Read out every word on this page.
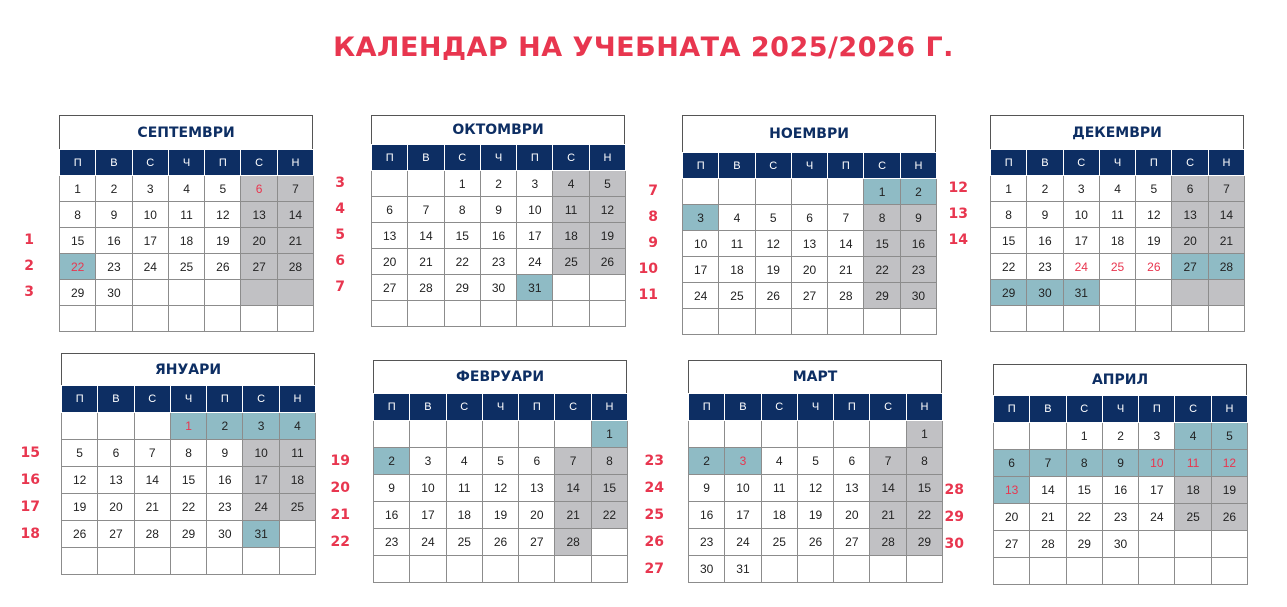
КАЛЕНДАР НА УЧЕБНАТА 2025/2026 Г.
СЕПТЕМВРИ
П	В	С	Ч	П	С	Н
1	2	3	4	5	6	7
8	9	10	11	12	13	14
15	16	17	18	19	20	21
22	23	24	25	26	27	28
29	30					

1
2
3
ОКТОМВРИ
П	В	С	Ч	П	С	Н
		1	2	3	4	5
6	7	8	9	10	11	12
13	14	15	16	17	18	19
20	21	22	23	24	25	26
27	28	29	30	31		

3
4
5
6
7
НОЕМВРИ
П	В	С	Ч	П	С	Н
					1	2
3	4	5	6	7	8	9
10	11	12	13	14	15	16
17	18	19	20	21	22	23
24	25	26	27	28	29	30

7
8
9
10
11
ДЕКЕМВРИ
П	В	С	Ч	П	С	Н
1	2	3	4	5	6	7
8	9	10	11	12	13	14
15	16	17	18	19	20	21
22	23	24	25	26	27	28
29	30	31				

12
13
14
ЯНУАРИ
П	В	С	Ч	П	С	Н
			1	2	3	4
5	6	7	8	9	10	11
12	13	14	15	16	17	18
19	20	21	22	23	24	25
26	27	28	29	30	31	

15
16
17
18
ФЕВРУАРИ
П	В	С	Ч	П	С	Н
						1
2	3	4	5	6	7	8
9	10	11	12	13	14	15
16	17	18	19	20	21	22
23	24	25	26	27	28	

19
20
21
22
МАРТ
П	В	С	Ч	П	С	Н
						1
2	3	4	5	6	7	8
9	10	11	12	13	14	15
16	17	18	19	20	21	22
23	24	25	26	27	28	29
30	31					
23
24
25
26
27
АПРИЛ
П	В	С	Ч	П	С	Н
		1	2	3	4	5
6	7	8	9	10	11	12
13	14	15	16	17	18	19
20	21	22	23	24	25	26
27	28	29	30			

28
29
30
